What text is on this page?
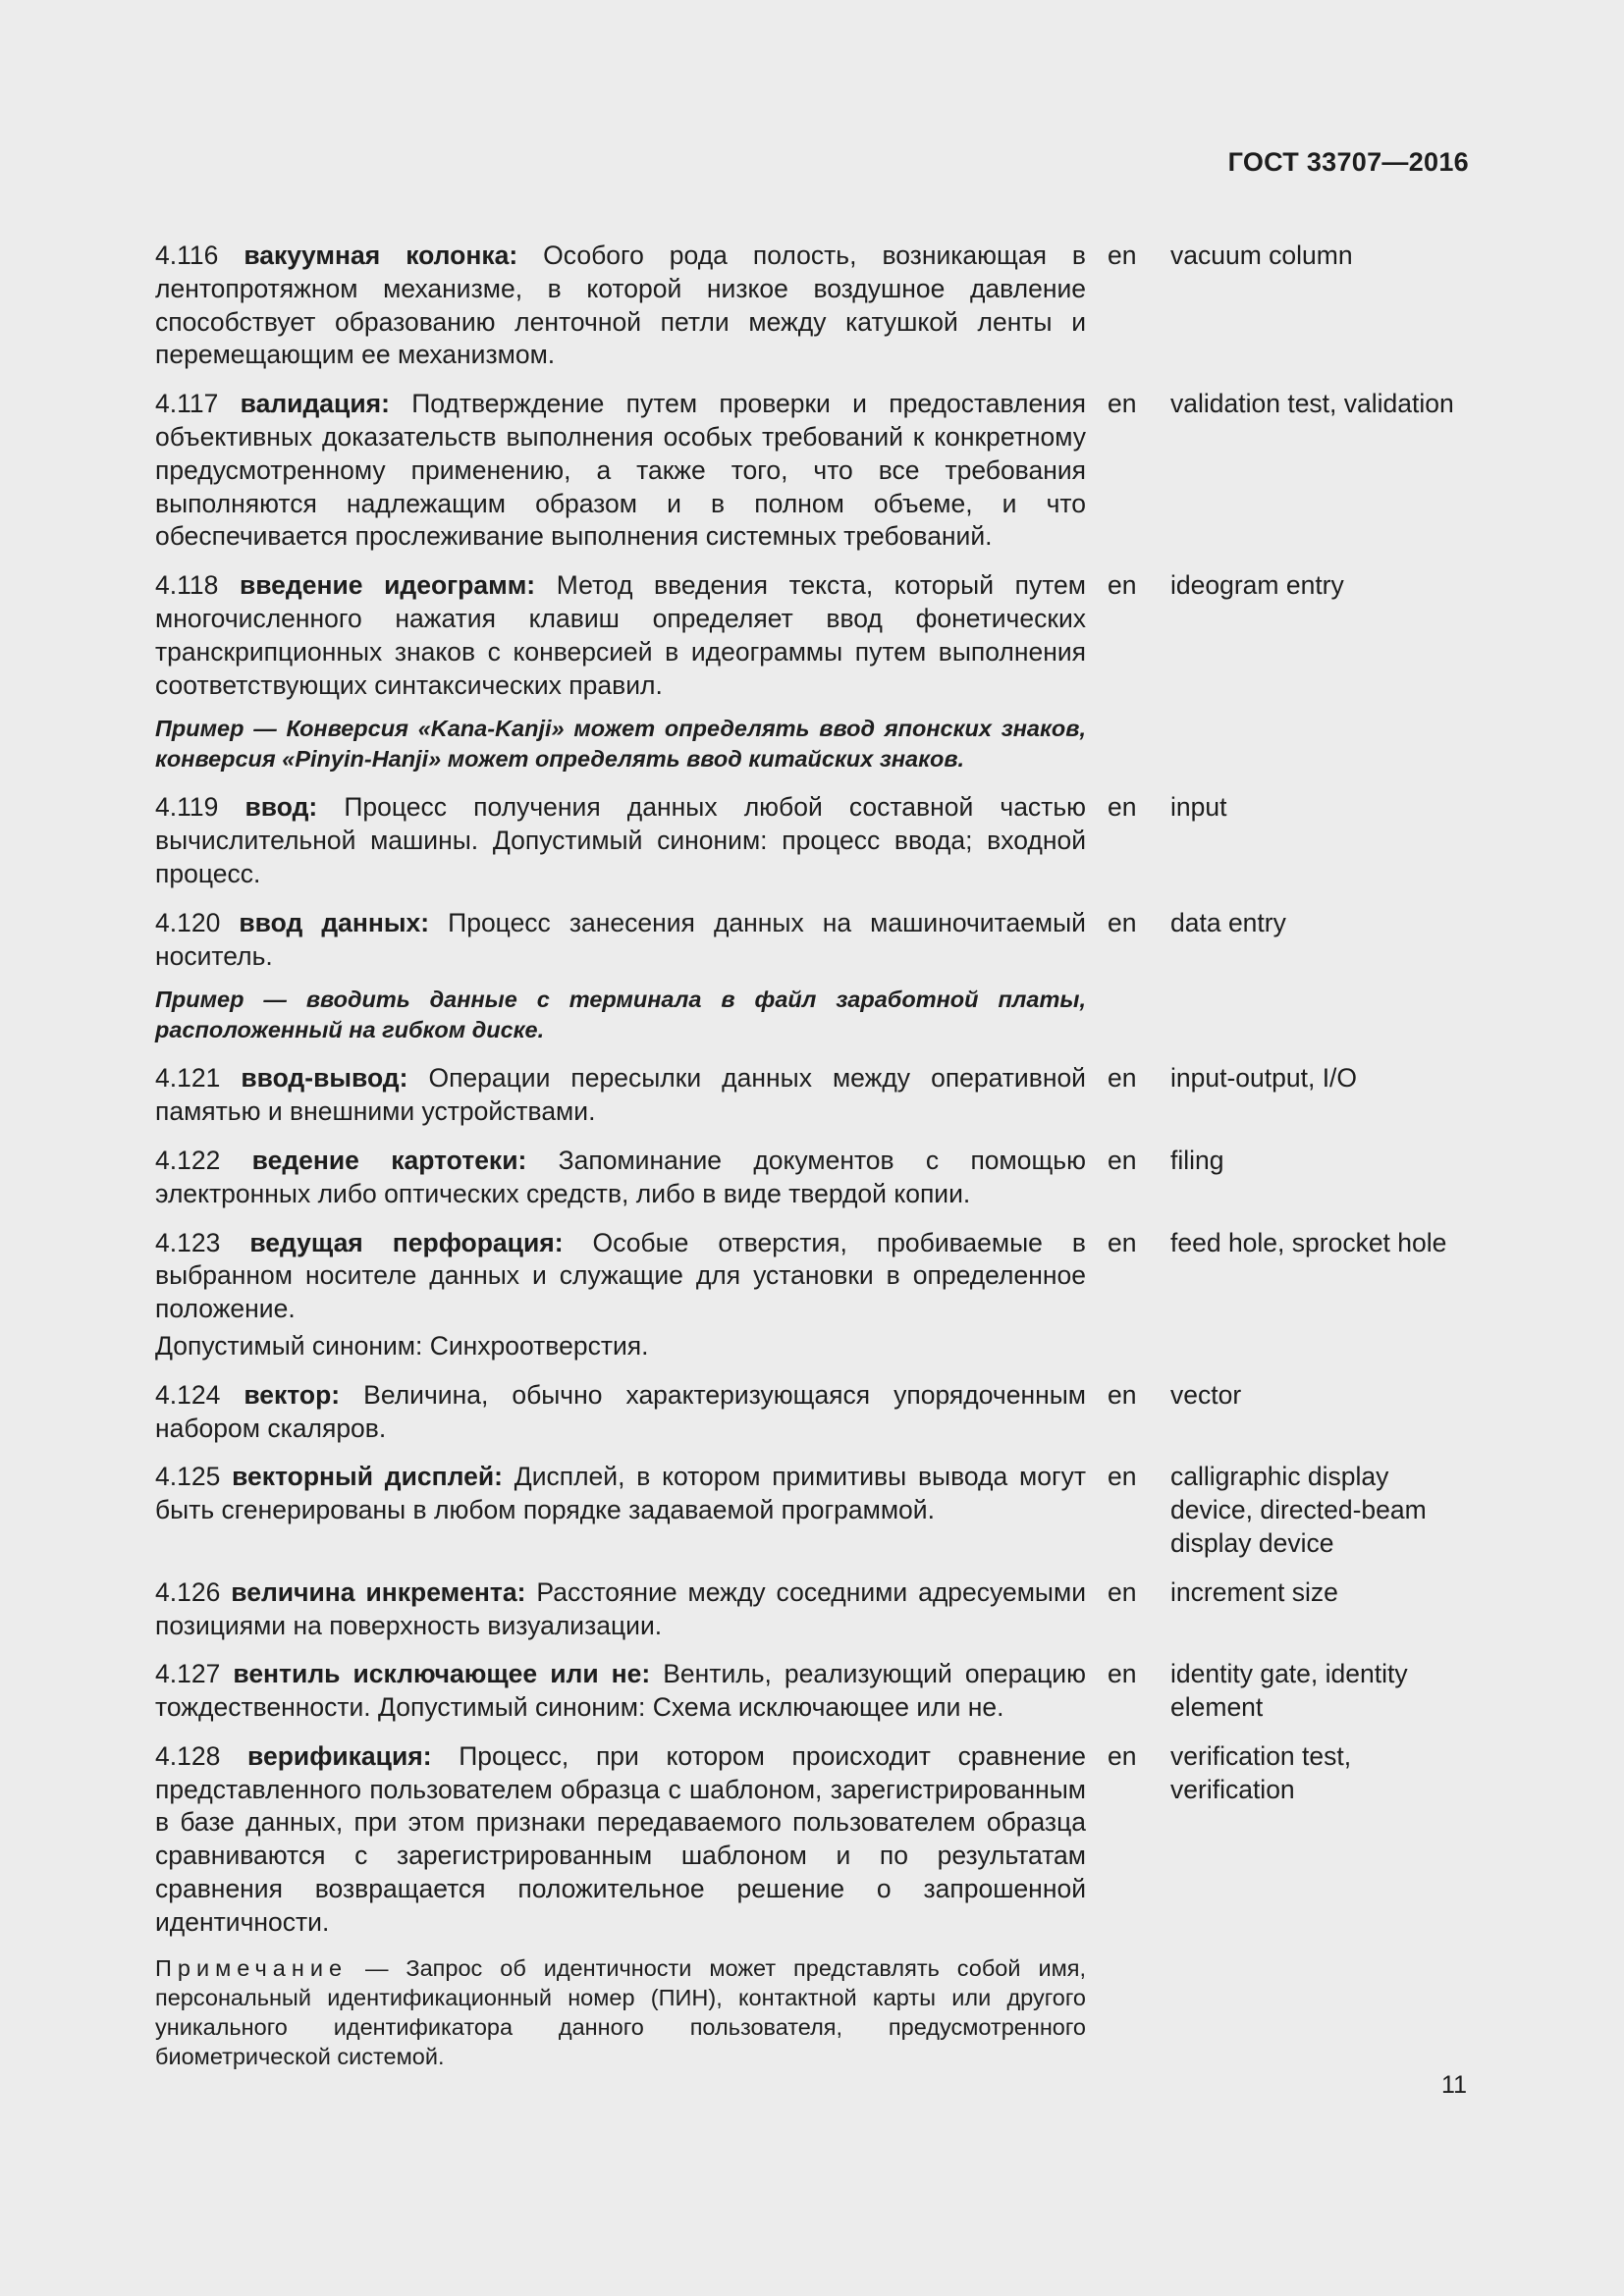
ГОСТ 33707—2016
4.116 вакуумная колонка: Особого рода полость, возникающая в лентопротяжном механизме, в которой низкое воздушное давление способствует образованию ленточной петли между катушкой ленты и перемещающим ее механизмом.
en	vacuum column
4.117 валидация: Подтверждение путем проверки и предоставления объективных доказательств выполнения особых требований к конкретному предусмотренному применению, а также того, что все требования выполняются надлежащим образом и в полном объеме, и что обеспечивается прослеживание выполнения системных требований.
en	validation test, validation
4.118 введение идеограмм: Метод введения текста, который путем многочисленного нажатия клавиш определяет ввод фонетических транскрипционных знаков с конверсией в идеограммы путем выполнения соответствующих синтаксических правил.
en	ideogram entry
Пример — Конверсия «Kana-Kanji» может определять ввод японских знаков, конверсия «Pinyin-Hanji» может определять ввод китайских знаков.
4.119 ввод: Процесс получения данных любой составной частью вычислительной машины. Допустимый синоним: процесс ввода; входной процесс.
en	input
4.120 ввод данных: Процесс занесения данных на машиночитаемый носитель.
en	data entry
Пример — вводить данные с терминала в файл заработной платы, расположенный на гибком диске.
4.121 ввод-вывод: Операции пересылки данных между оперативной памятью и внешними устройствами.
en	input-output, I/O
4.122 ведение картотеки: Запоминание документов с помощью электронных либо оптических средств, либо в виде твердой копии.
en	filing
4.123 ведущая перфорация: Особые отверстия, пробиваемые в выбранном носителе данных и служащие для установки в определенное положение.
en	feed hole, sprocket hole
Допустимый синоним: Синхроотверстия.
4.124 вектор: Величина, обычно характеризующаяся упорядоченным набором скаляров.
en	vector
4.125 векторный дисплей: Дисплей, в котором примитивы вывода могут быть сгенерированы в любом порядке задаваемой программой.
en	calligraphic display device, directed-beam display device
4.126 величина инкремента: Расстояние между соседними адресуемыми позициями на поверхность визуализации.
en	increment size
4.127 вентиль исключающее или не: Вентиль, реализующий операцию тождественности. Допустимый синоним: Схема исключающее или не.
en	identity gate, identity element
4.128 верификация: Процесс, при котором происходит сравнение представленного пользователем образца с шаблоном, зарегистрированным в базе данных, при этом признаки передаваемого пользователем образца сравниваются с зарегистрированным шаблоном и по результатам сравнения возвращается положительное решение о запрошенной идентичности.
en	verification test, verification
Примечание — Запрос об идентичности может представлять собой имя, персональный идентификационный номер (ПИН), контактной карты или другого уникального идентификатора данного пользователя, предусмотренного биометрической системой.
11
